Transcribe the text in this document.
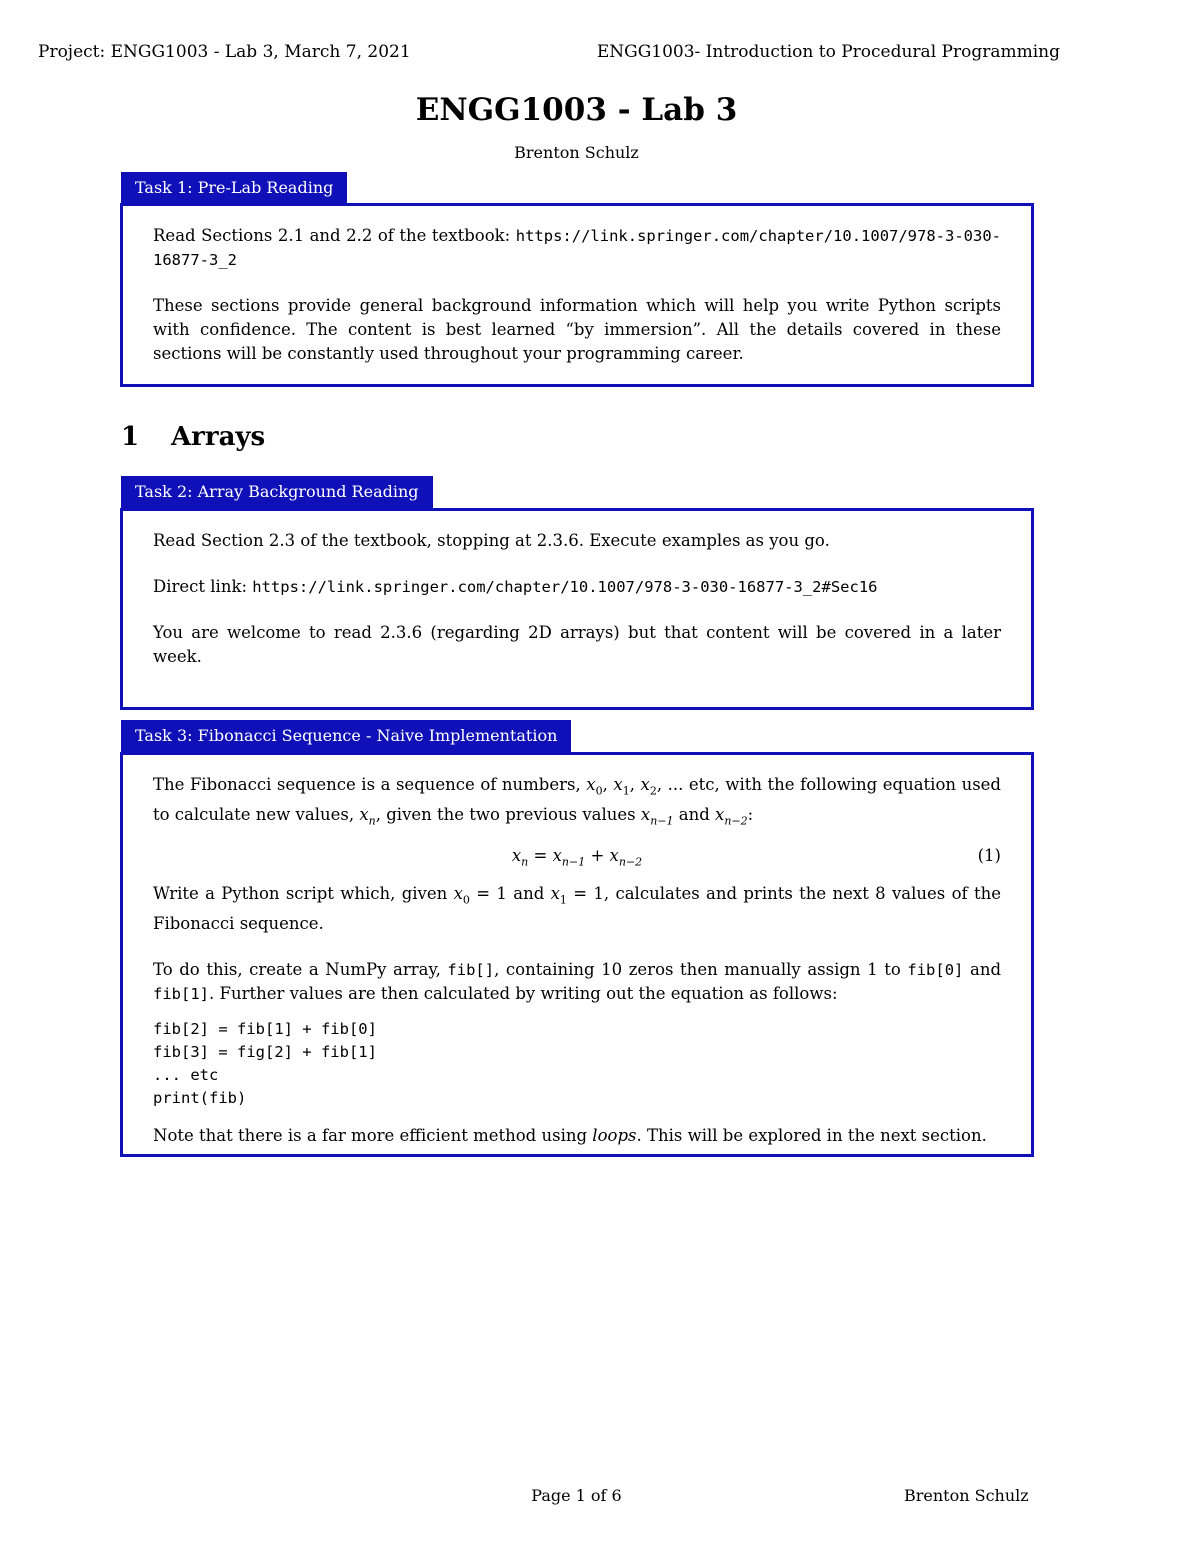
Project: ENGG1003 - Lab 3, March 7, 2021	ENGG1003- Introduction to Procedural Programming
ENGG1003 - Lab 3
Brenton Schulz

Read Sections 2.1 and 2.2 of the textbook: https://link.springer.com/chapter/10.1007/978-3-030-16877-3_2

These sections provide general background information which will help you write Python scripts with confidence. The content is best learned “by immersion”. All the details covered in these sections will be constantly used throughout your programming career.

Task 1: Pre-Lab Reading
1 Arrays

Read Section 2.3 of the textbook, stopping at 2.3.6. Execute examples as you go.

Direct link: https://link.springer.com/chapter/10.1007/978-3-030-16877-3_2#Sec16

You are welcome to read 2.3.6 (regarding 2D arrays) but that content will be covered in a later week.

Task 2: Array Background Reading

The Fibonacci sequence is a sequence of numbers, $x_0$, $x_1$, $x_2$, ... etc, with the following equation used to calculate new values, $x_n$, given the two previous values $x_{n-1}$ and $x_{n-2}$:

$x_n = x_{n-1} + x_{n-2}$	(1)

Write a Python script which, given $x_0 = 1$ and $x_1 = 1$, calculates and prints the next 8 values of the Fibonacci sequence.

To do this, create a NumPy array, fib[], containing 10 zeros then manually assign 1 to fib[0] and fib[1]. Further values are then calculated by writing out the equation as follows:

fib[2] = fib[1] + fib[0]
fib[3] = fig[2] + fib[1]
... etc
print(fib)

Note that there is a far more efficient method using loops. This will be explored in the next section.

Task 3: Fibonacci Sequence - Naive Implementation
Page 1 of 6	Brenton Schulz
